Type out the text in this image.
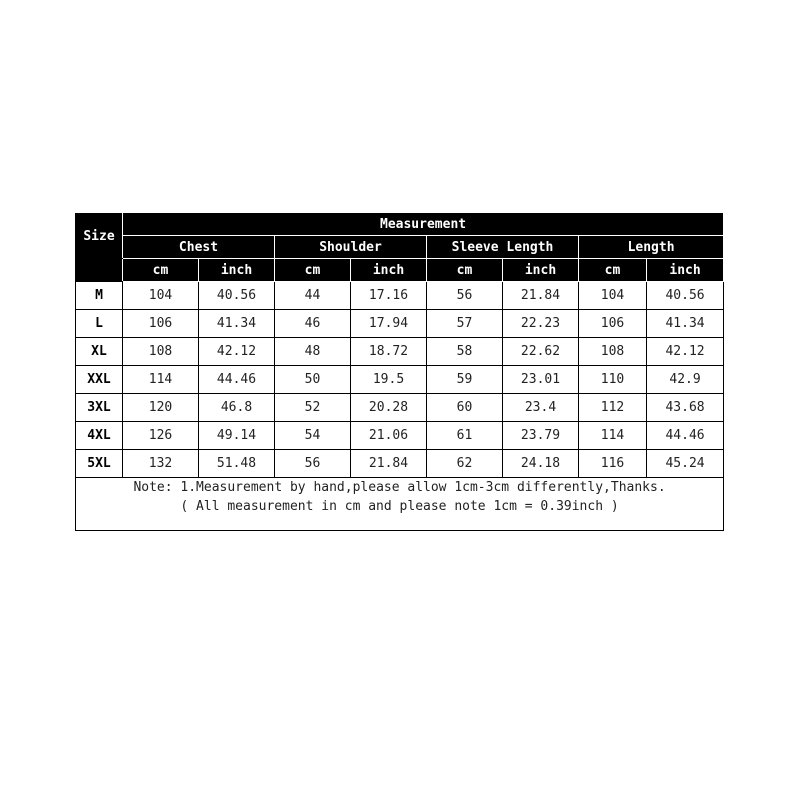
Size	Measurement							
	Chest		Shoulder		Sleeve Length		Length	
	cm	inch	cm	inch	cm	inch	cm	inch
M	104	40.56	44	17.16	56	21.84	104	40.56
L	106	41.34	46	17.94	57	22.23	106	41.34
XL	108	42.12	48	18.72	58	22.62	108	42.12
XXL	114	44.46	50	19.5	59	23.01	110	42.9
3XL	120	46.8	52	20.28	60	23.4	112	43.68
4XL	126	49.14	54	21.06	61	23.79	114	44.46
5XL	132	51.48	56	21.84	62	24.18	116	45.24

Note: 1.Measurement by hand,please allow 1cm-3cm differently,Thanks.
( All measurement in cm and please note 1cm = 0.39inch )								
